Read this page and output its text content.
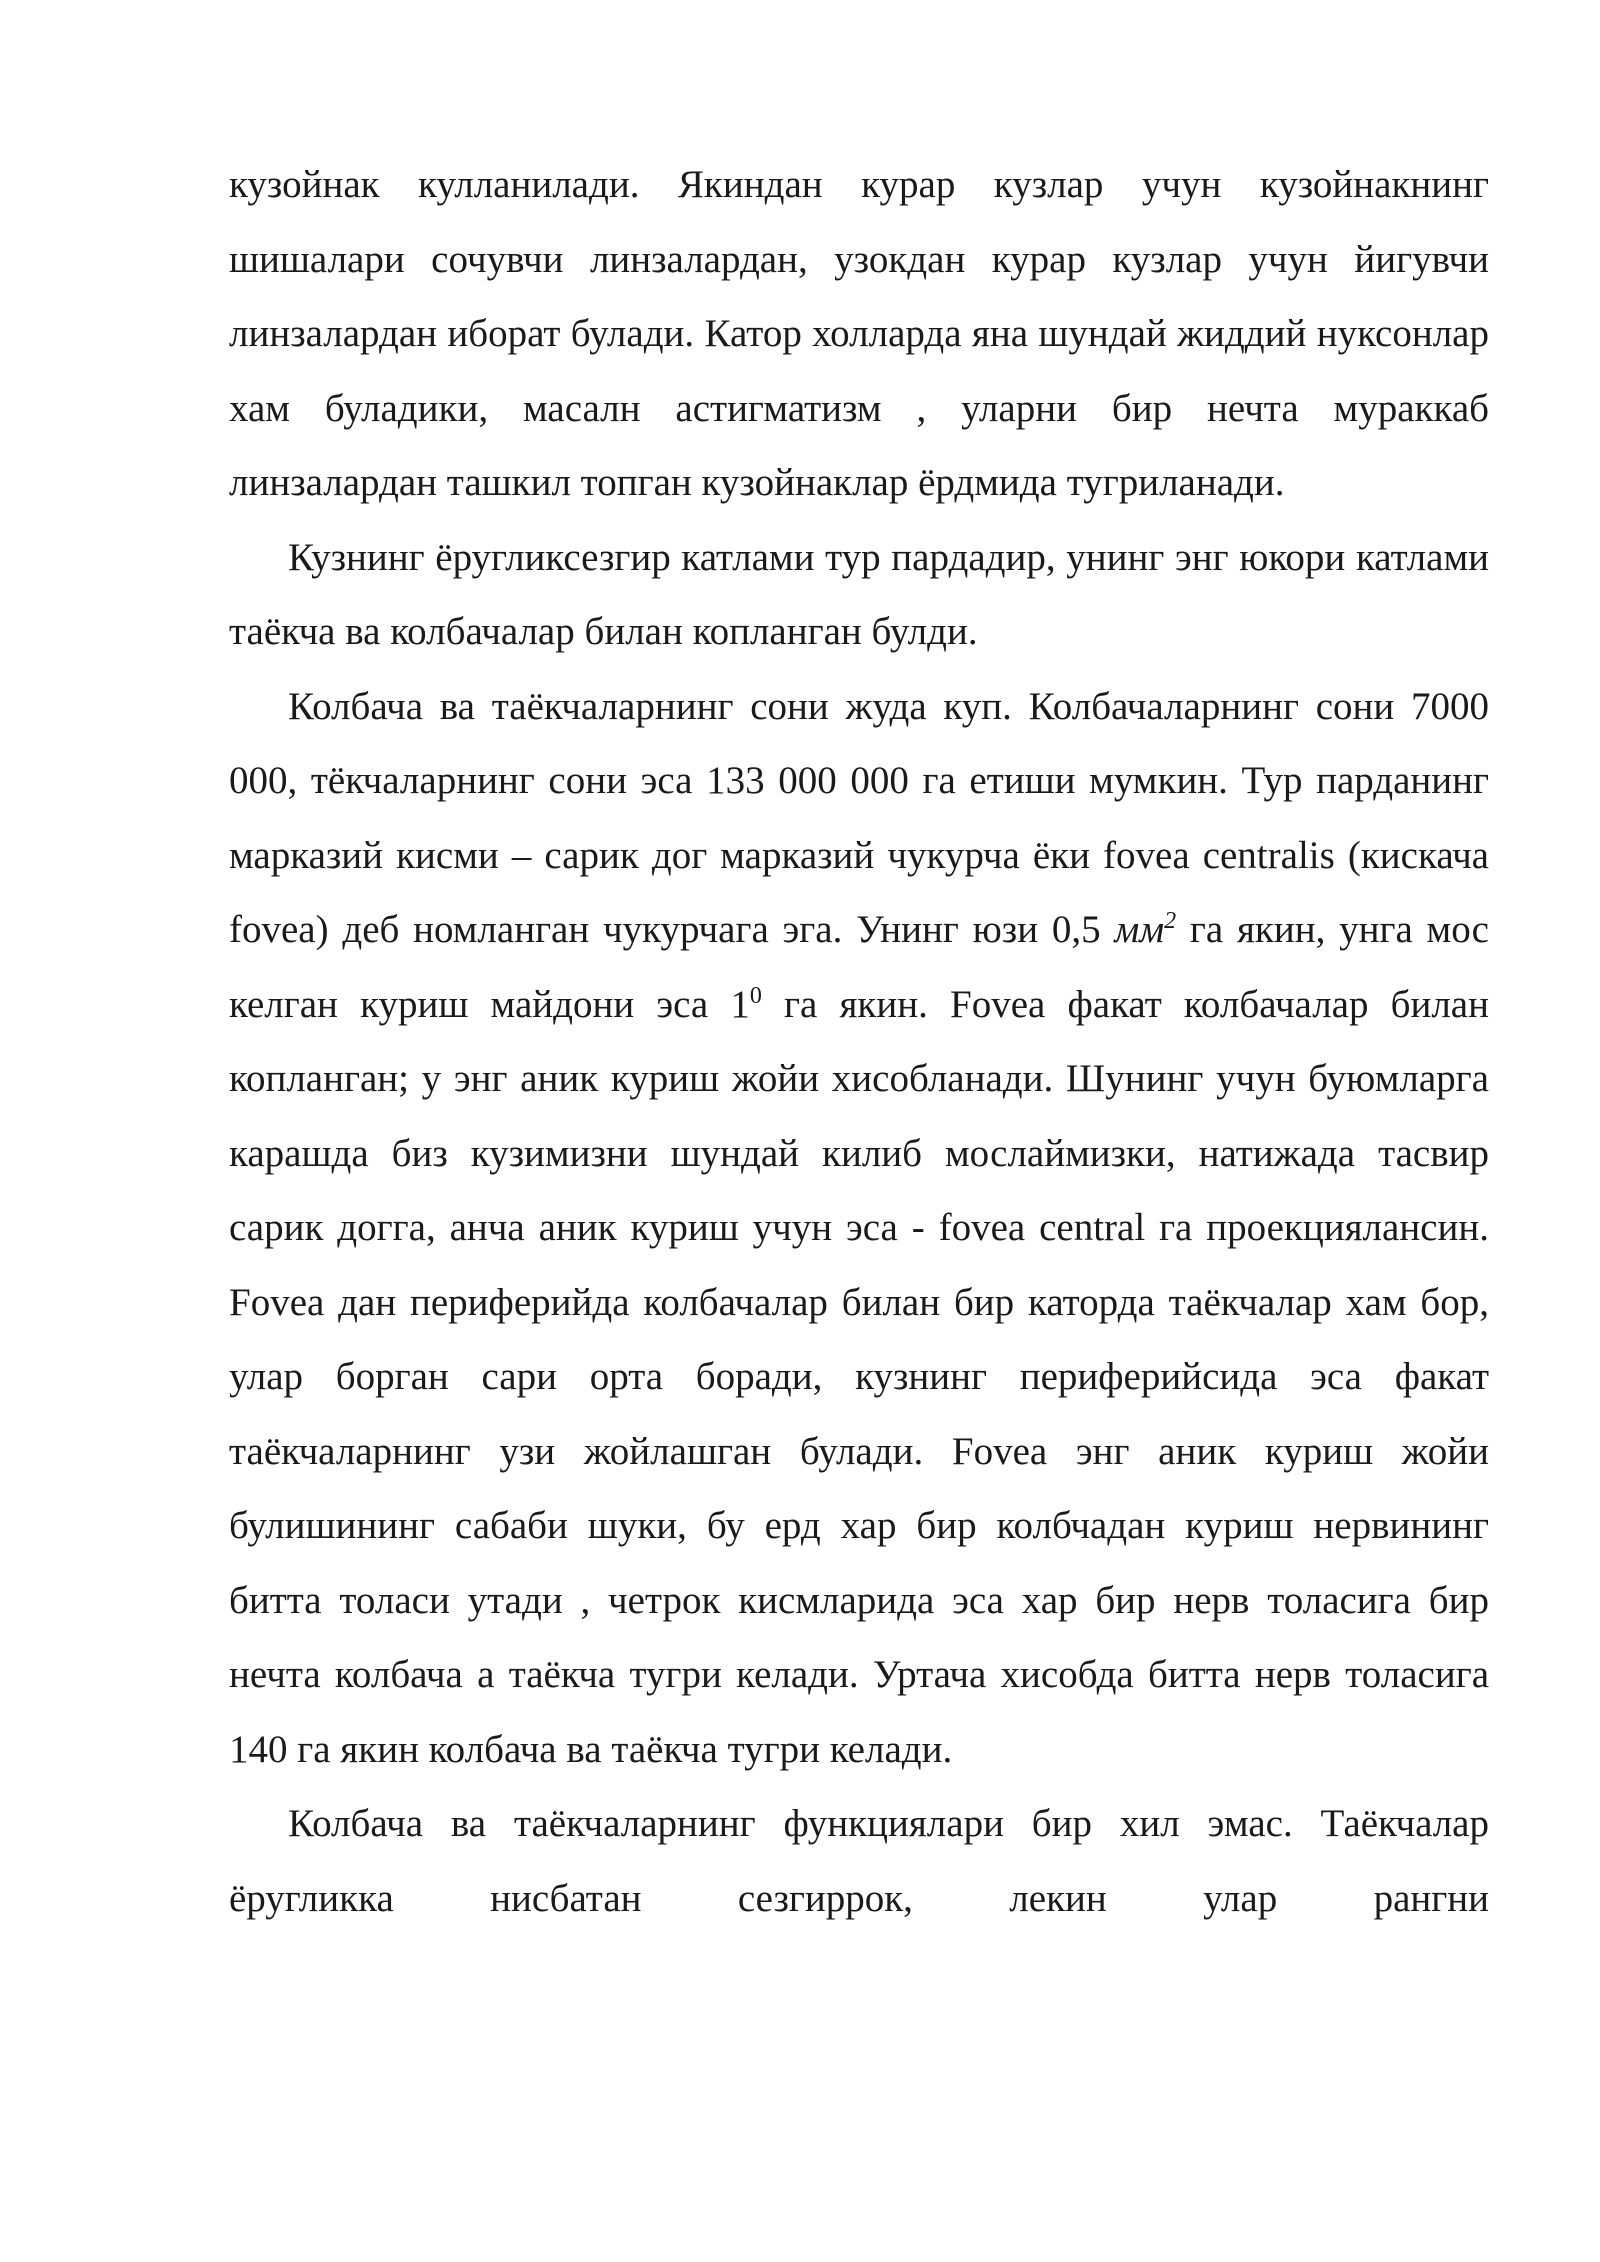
кузойнак кулланилади. Якиндан курар кузлар учун кузойнакнинг шишалари сочувчи линзалардан, узокдан курар кузлар учун йигувчи линзалардан иборат булади. Катор холларда яна шундай жиддий нуксонлар хам буладики, масалн астигматизм , уларни бир нечта мураккаб линзалардан ташкил топган кузойнаклар ёрдмида тугриланади.

Кузнинг ёругликсезгир катлами тур пардадир, унинг энг юкори катлами таёкча ва колбачалар билан копланган булди.

Колбача ва таёкчаларнинг сони жуда куп. Колбачаларнинг сони 7000 000, тёкчаларнинг сони эса 133 000 000 га етиши мумкин. Тур парданинг марказий кисми – сарик дог марказий чукурча ёки fovea centralis (кискача fovea) деб номланган чукурчага эга. Унинг юзи 0,5 $мм^2$ га якин, унга мос келган куриш майдони эса $1^0$ га якин. Fovea факат колбачалар билан копланган; у энг аник куриш жойи хисобланади. Шунинг учун буюмларга карашда биз кузимизни шундай килиб мослаймизки, натижада тасвир сарик догга, анча аник куриш учун эса - fovea central га проекциялансин. Fovea дан периферийда колбачалар билан бир каторда таёкчалар хам бор, улар борган сари орта боради, кузнинг периферийсида эса факат таёкчаларнинг узи жойлашган булади. Fovea энг аник куриш жойи булишининг сабаби шуки, бу ерд хар бир колбчадан куриш нервининг битта толаси утади , четрок кисмларида эса хар бир нерв толасига бир нечта колбача а таёкча тугри келади. Уртача хисобда битта нерв толасига 140 га якин колбача ва таёкча тугри келади.

Колбача ва таёкчаларнинг функциялари бир хил эмас. Таёкчалар ёругликка нисбатан сезгиррок, лекин улар рангни
